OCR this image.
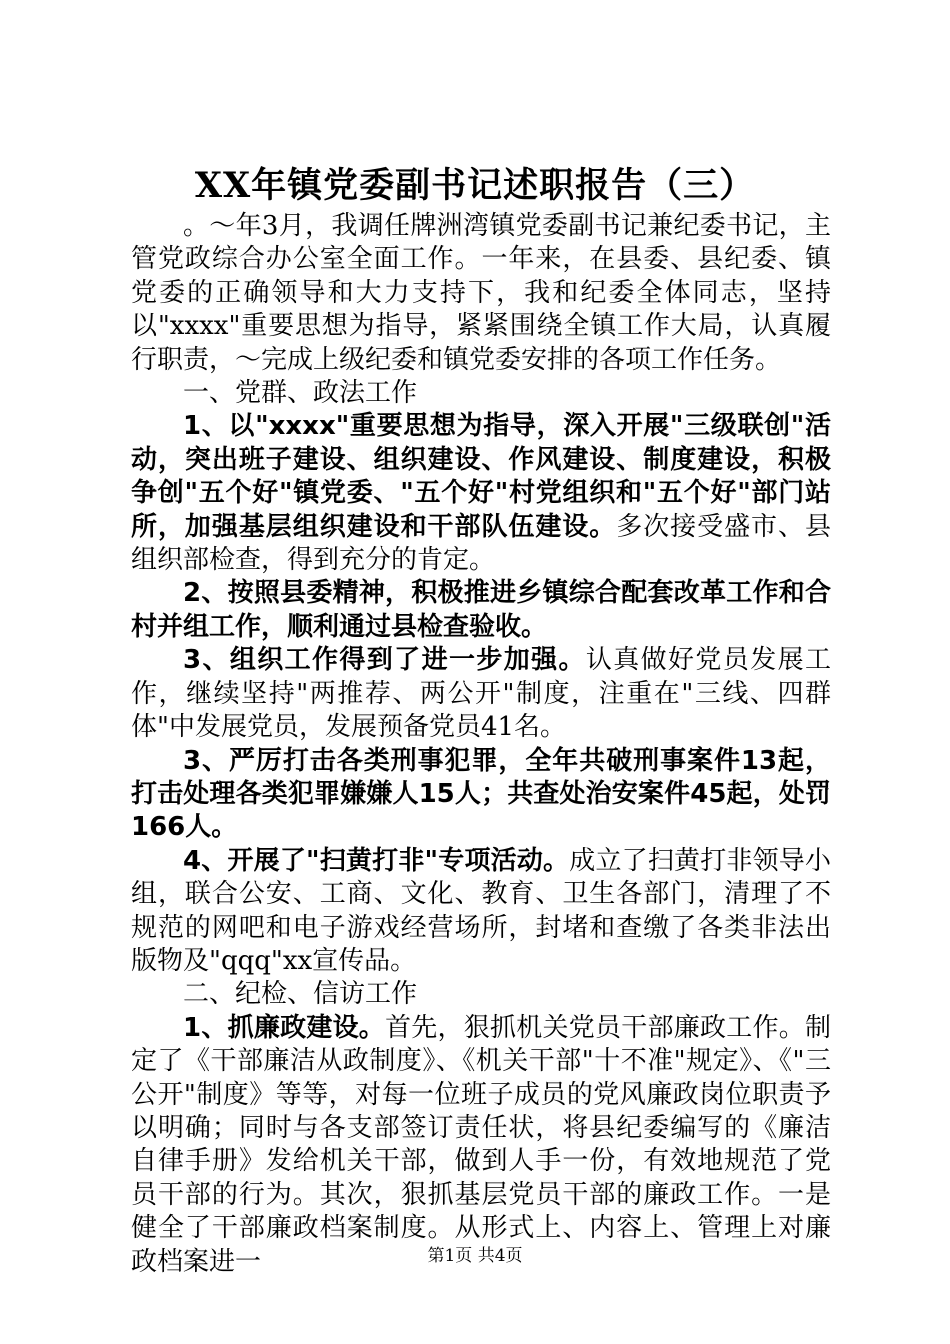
XX年镇党委副书记述职报告（三）

。～年3月，我调任牌洲湾镇党委副书记兼纪委书记，主管党政综合办公室全面工作。一年来，在县委、县纪委、镇党委的正确领导和大力支持下，我和纪委全体同志，坚持以"xxxx"重要思想为指导，紧紧围绕全镇工作大局，认真履行职责，～完成上级纪委和镇党委安排的各项工作任务。

一、党群、政法工作

1、以"xxxx"重要思想为指导，深入开展"三级联创"活动，突出班子建设、组织建设、作风建设、制度建设，积极争创"五个好"镇党委、"五个好"村党组织和"五个好"部门站所，加强基层组织建设和干部队伍建设。多次接受盛市、县组织部检查，得到充分的肯定。

2、按照县委精神，积极推进乡镇综合配套改革工作和合村并组工作，顺利通过县检查验收。

3、组织工作得到了进一步加强。认真做好党员发展工作，继续坚持"两推荐、两公开"制度，注重在"三线、四群体"中发展党员，发展预备党员41名。

3、严厉打击各类刑事犯罪，全年共破刑事案件13起，打击处理各类犯罪嫌嫌人15人；共查处治安案件45起，处罚166人。

4、开展了"扫黄打非"专项活动。成立了扫黄打非领导小组，联合公安、工商、文化、教育、卫生各部门，清理了不规范的网吧和电子游戏经营场所，封堵和查缴了各类非法出版物及"qqq"xx宣传品。

二、纪检、信访工作

1、抓廉政建设。首先，狠抓机关党员干部廉政工作。制定了《干部廉洁从政制度》、《机关干部"十不准"规定》、《"三公开"制度》等等，对每一位班子成员的党风廉政岗位职责予以明确；同时与各支部签订责任状，将县纪委编写的《廉洁自律手册》发给机关干部，做到人手一份，有效地规范了党员干部的行为。其次，狠抓基层党员干部的廉政工作。一是健全了干部廉政档案制度。从形式上、内容上、管理上对廉政档案进一	第1页 共4页
